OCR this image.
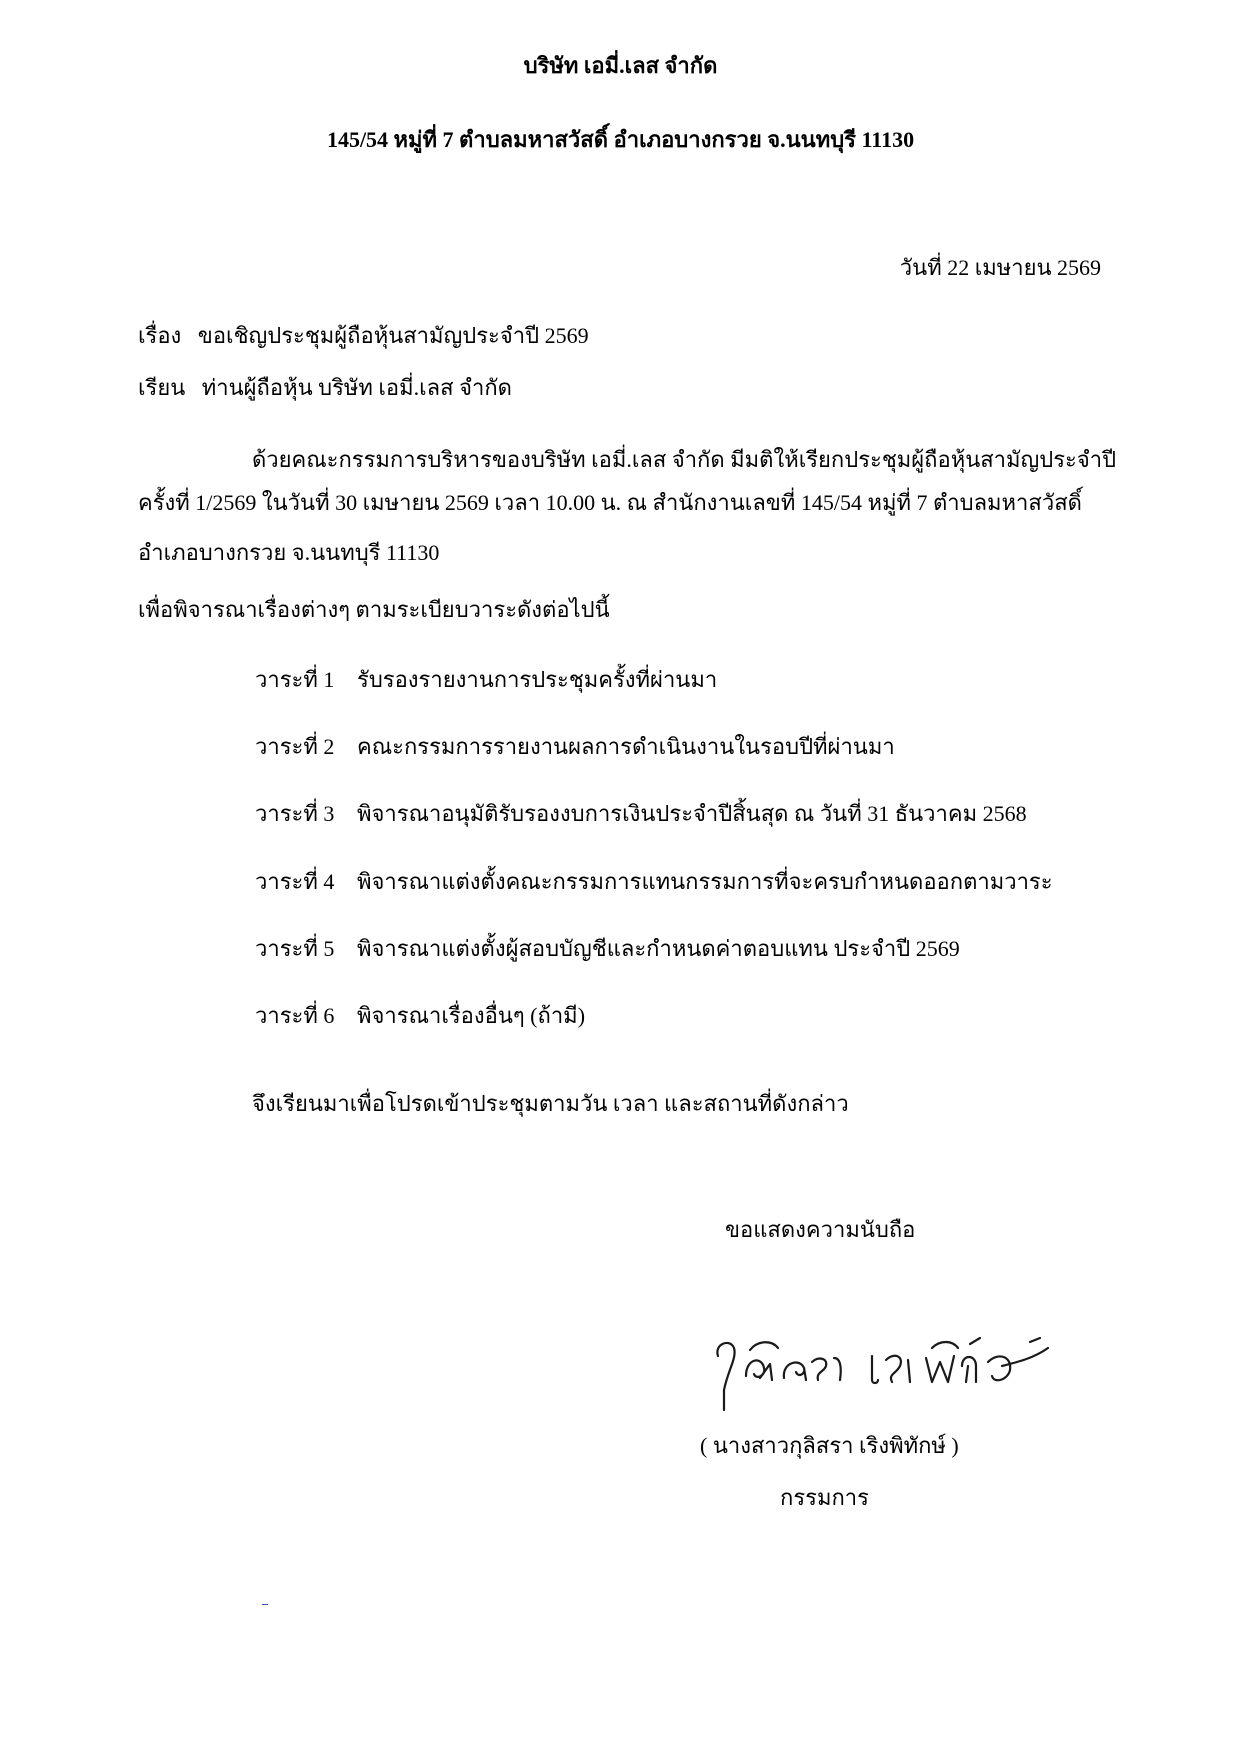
บริษัท เอมี่.เลส จำกัด
145/54 หมู่ที่ 7 ตำบลมหาสวัสดิ์ อำเภอบางกรวย จ.นนทบุรี 11130
วันที่ 22 เมษายน 2569
เรื่อง ขอเชิญประชุมผู้ถือหุ้นสามัญประจำปี 2569
เรียน ท่านผู้ถือหุ้น บริษัท เอมี่.เลส จำกัด
ด้วยคณะกรรมการบริหารของบริษัท เอมี่.เลส จำกัด มีมติให้เรียกประชุมผู้ถือหุ้นสามัญประจำปี
ครั้งที่ 1/2569 ในวันที่ 30 เมษายน 2569 เวลา 10.00 น. ณ สำนักงานเลขที่ 145/54 หมู่ที่ 7 ตำบลมหาสวัสดิ์
อำเภอบางกรวย จ.นนทบุรี 11130
เพื่อพิจารณาเรื่องต่างๆ ตามระเบียบวาระดังต่อไปนี้
วาระที่ 1 รับรองรายงานการประชุมครั้งที่ผ่านมา
วาระที่ 2 คณะกรรมการรายงานผลการดำเนินงานในรอบปีที่ผ่านมา
วาระที่ 3 พิจารณาอนุมัติรับรองงบการเงินประจำปีสิ้นสุด ณ วันที่ 31 ธันวาคม 2568
วาระที่ 4 พิจารณาแต่งตั้งคณะกรรมการแทนกรรมการที่จะครบกำหนดออกตามวาระ
วาระที่ 5 พิจารณาแต่งตั้งผู้สอบบัญชีและกำหนดค่าตอบแทน ประจำปี 2569
วาระที่ 6 พิจารณาเรื่องอื่นๆ (ถ้ามี)
จึงเรียนมาเพื่อโปรดเข้าประชุมตามวัน เวลา และสถานที่ดังกล่าว
ขอแสดงความนับถือ
( นางสาวกุลิสรา เริงพิทักษ์ )
กรรมการ
